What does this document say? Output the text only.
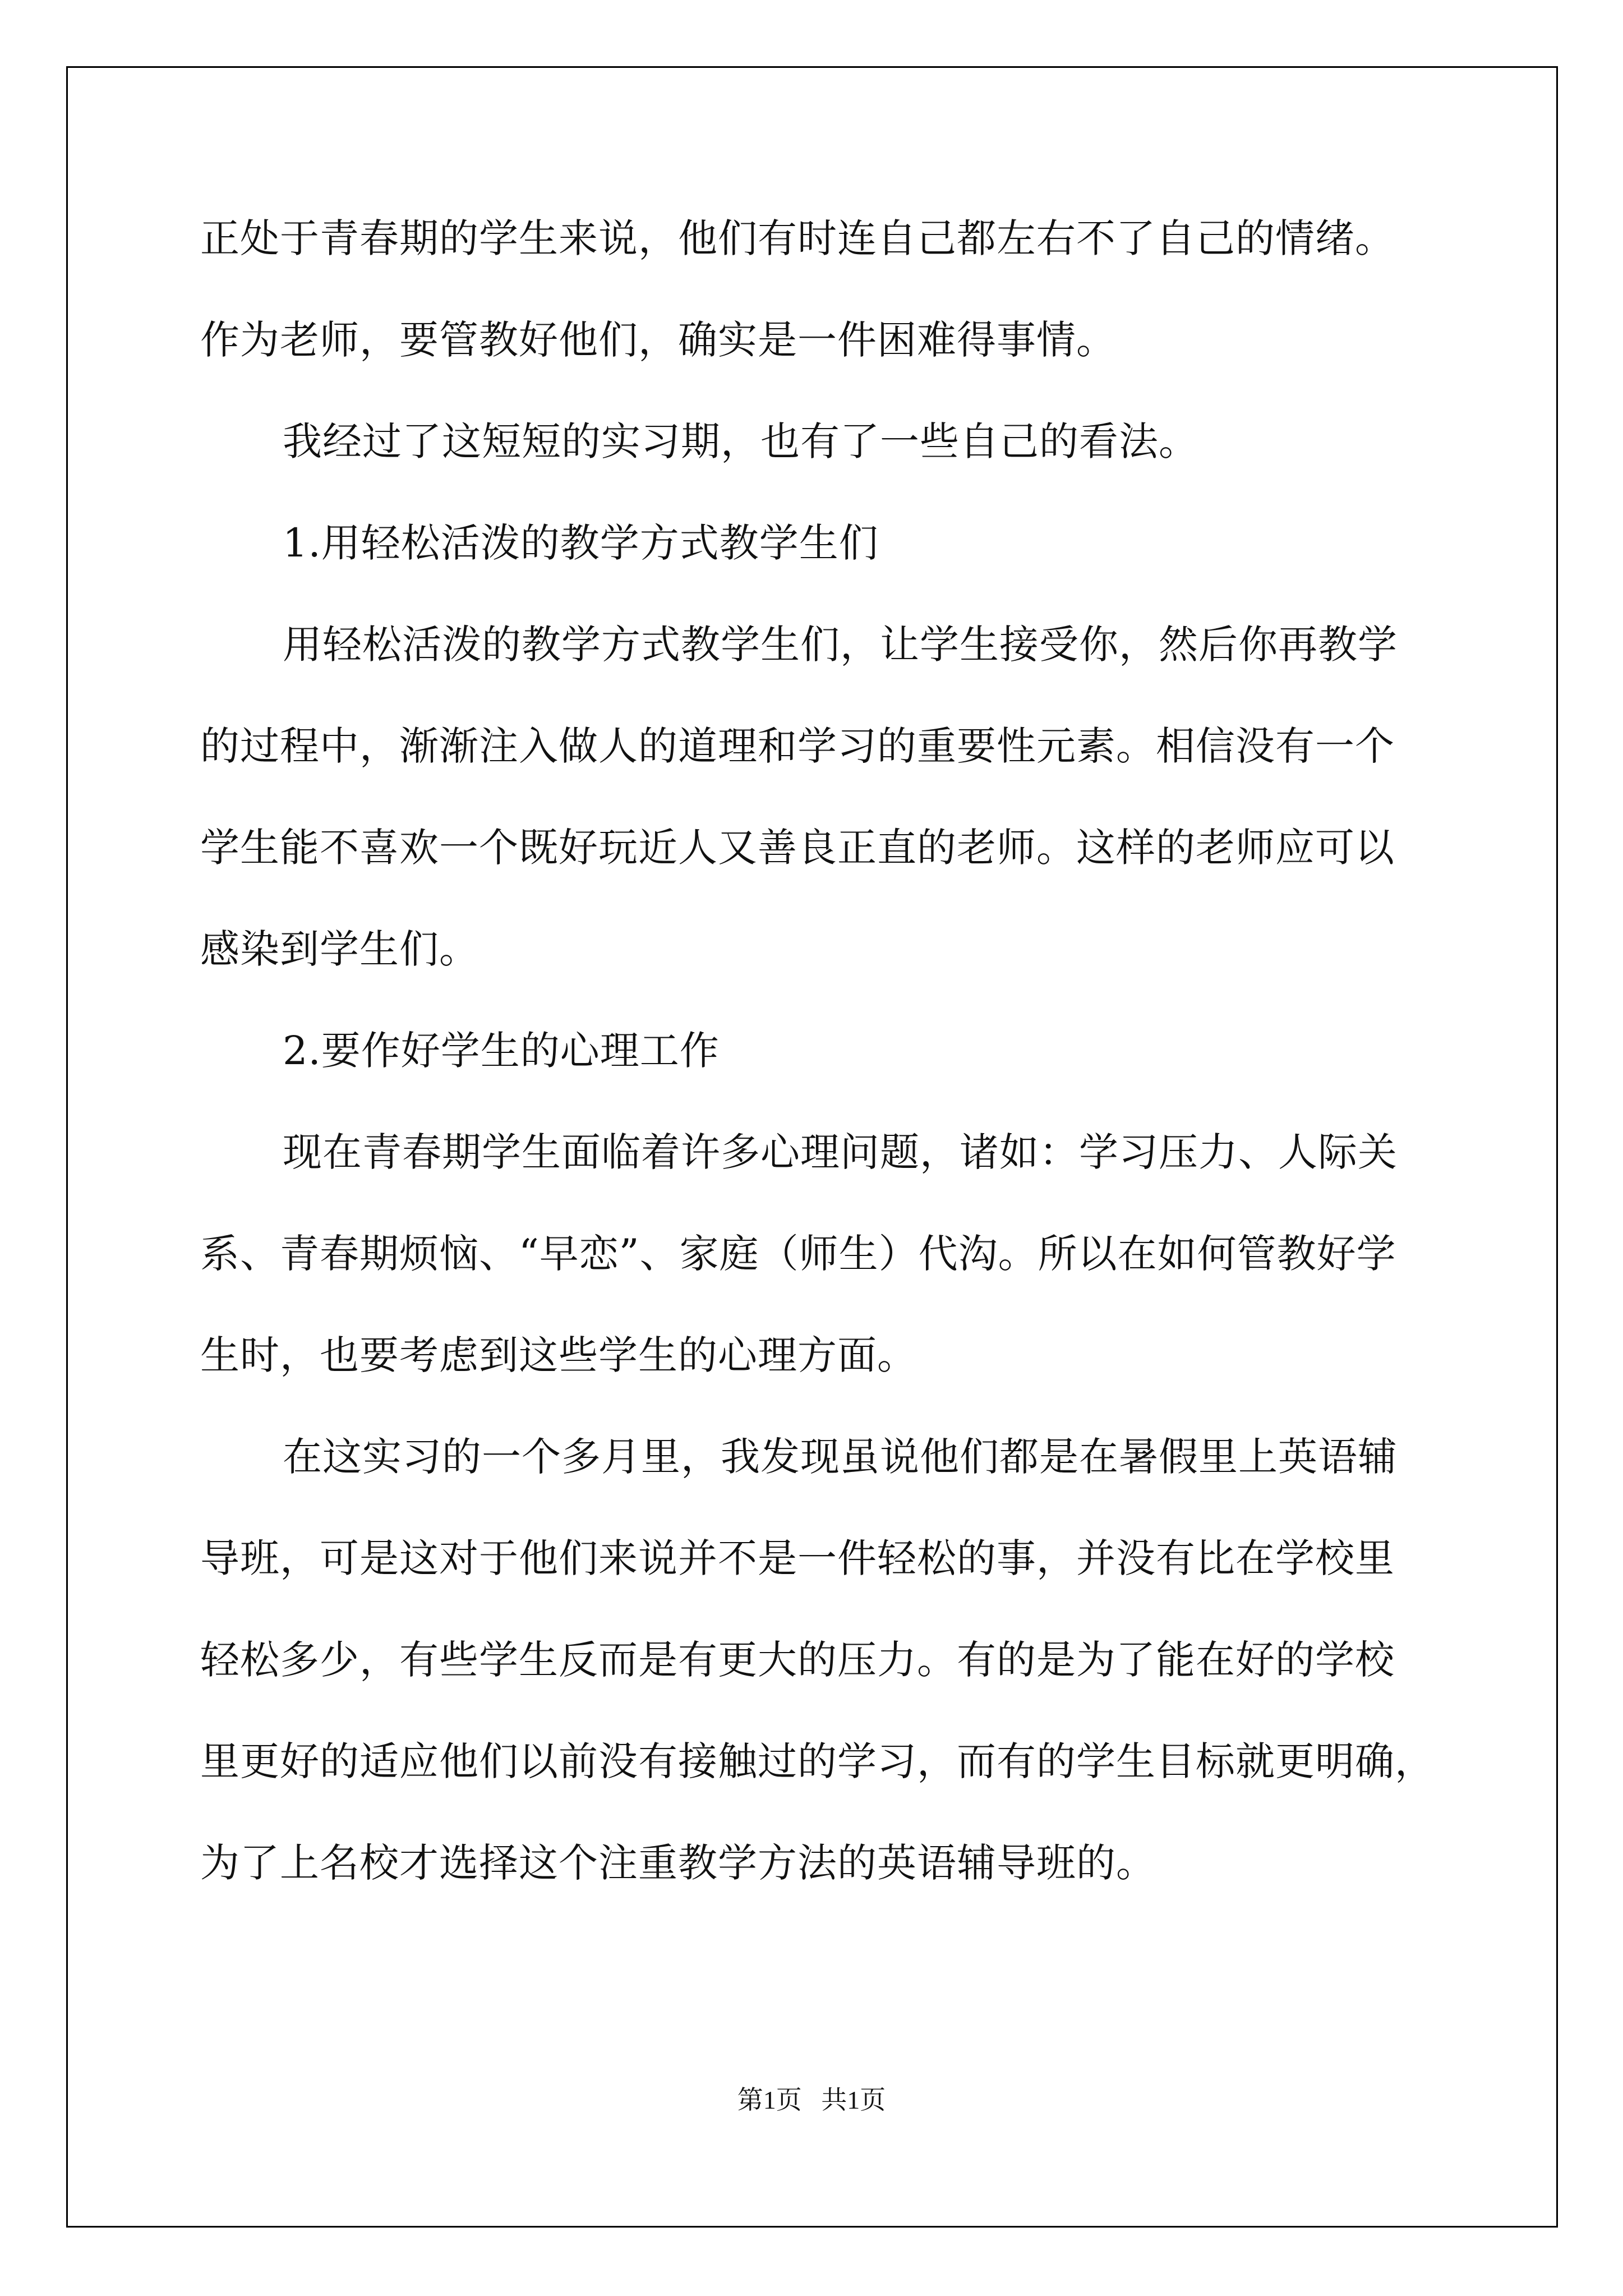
正处于青春期的学生来说，他们有时连自己都左右不了自己的情绪。
作为老师，要管教好他们，确实是一件困难得事情。
我经过了这短短的实习期，也有了一些自己的看法。
1.用轻松活泼的教学方式教学生们
用轻松活泼的教学方式教学生们，让学生接受你，然后你再教学
的过程中，渐渐注入做人的道理和学习的重要性元素。相信没有一个
学生能不喜欢一个既好玩近人又善良正直的老师。这样的老师应可以
感染到学生们。
2.要作好学生的心理工作
现在青春期学生面临着许多心理问题，诸如：学习压力、人际关
系、青春期烦恼、“早恋”、家庭（师生）代沟。所以在如何管教好学
生时，也要考虑到这些学生的心理方面。
在这实习的一个多月里，我发现虽说他们都是在暑假里上英语辅
导班，可是这对于他们来说并不是一件轻松的事，并没有比在学校里
轻松多少，有些学生反而是有更大的压力。有的是为了能在好的学校
里更好的适应他们以前没有接触过的学习，而有的学生目标就更明确，
为了上名校才选择这个注重教学方法的英语辅导班的。
第1页 共1页
